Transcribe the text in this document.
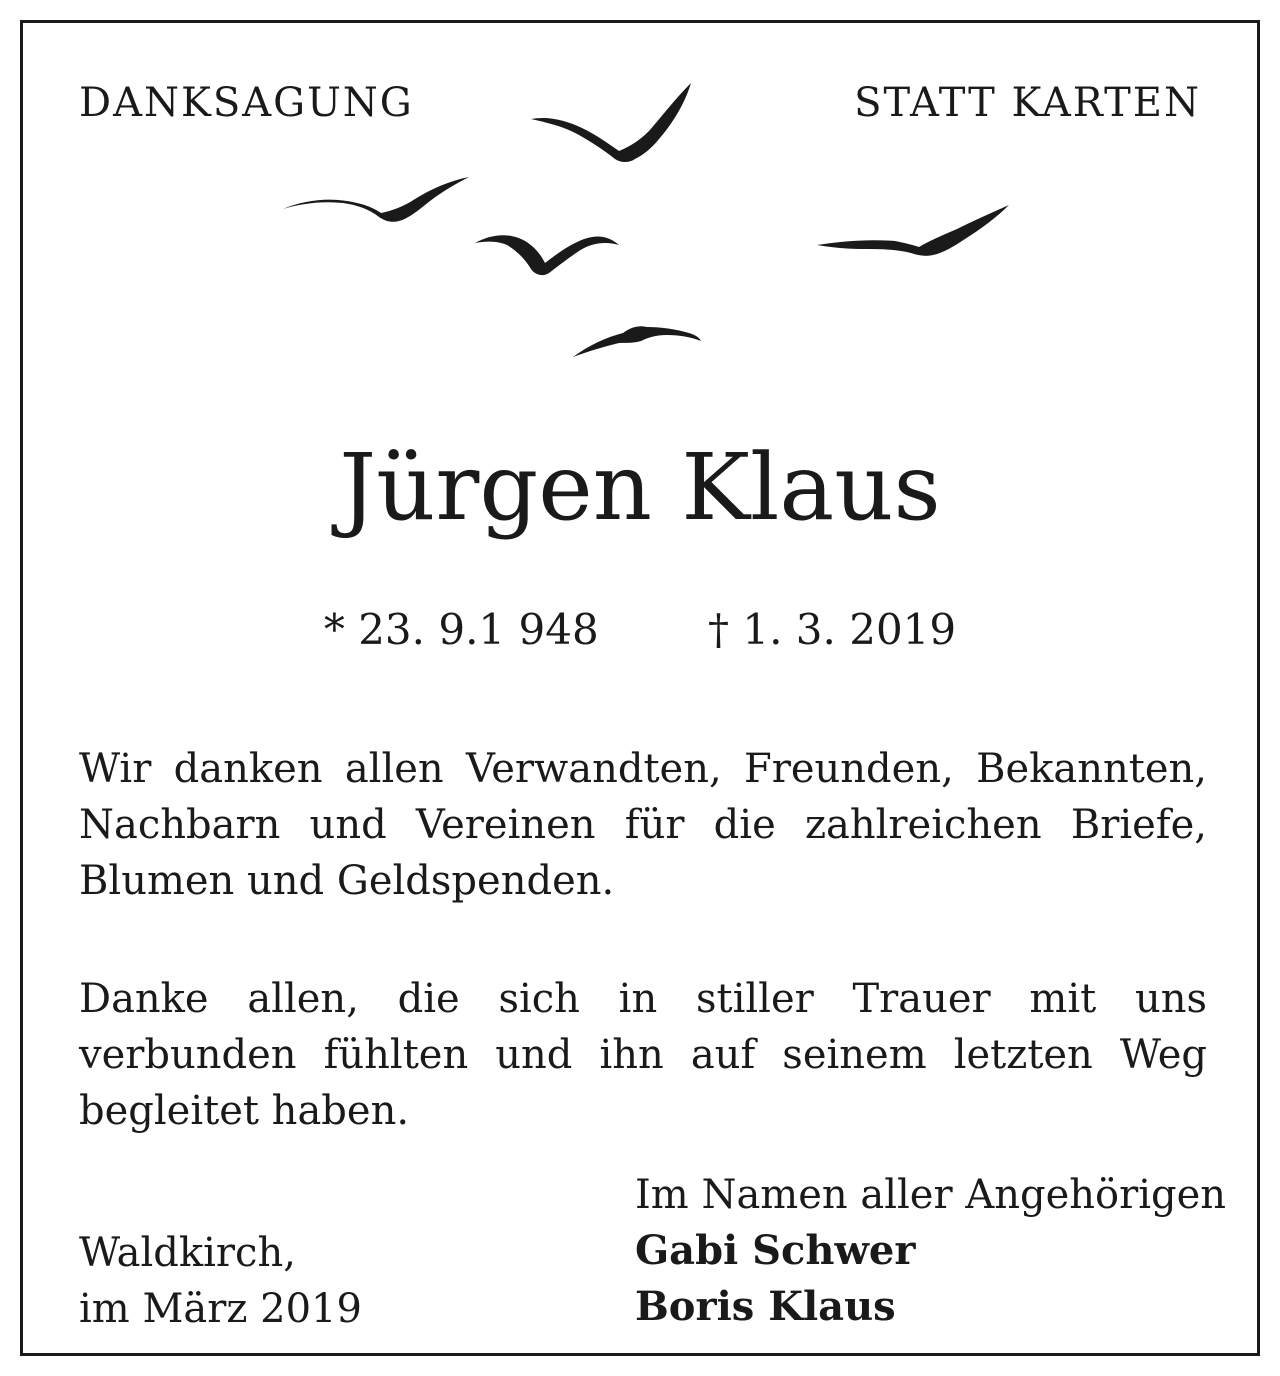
DANKSAGUNG	STATT KARTEN
Jürgen Klaus
* 23. 9.1 948	† 1. 3. 2019

Wir danken allen Verwandten, Freunden, Bekannten, Nachbarn und Vereinen für die zahlreichen Briefe, Blumen und Geldspenden.

Danke allen, die sich in stiller Trauer mit uns verbunden fühlten und ihn auf seinem letzten Weg begleitet haben.

Waldkirch,
im März 2019
Im Namen aller Angehörigen
Gabi Schwer
Boris Klaus
